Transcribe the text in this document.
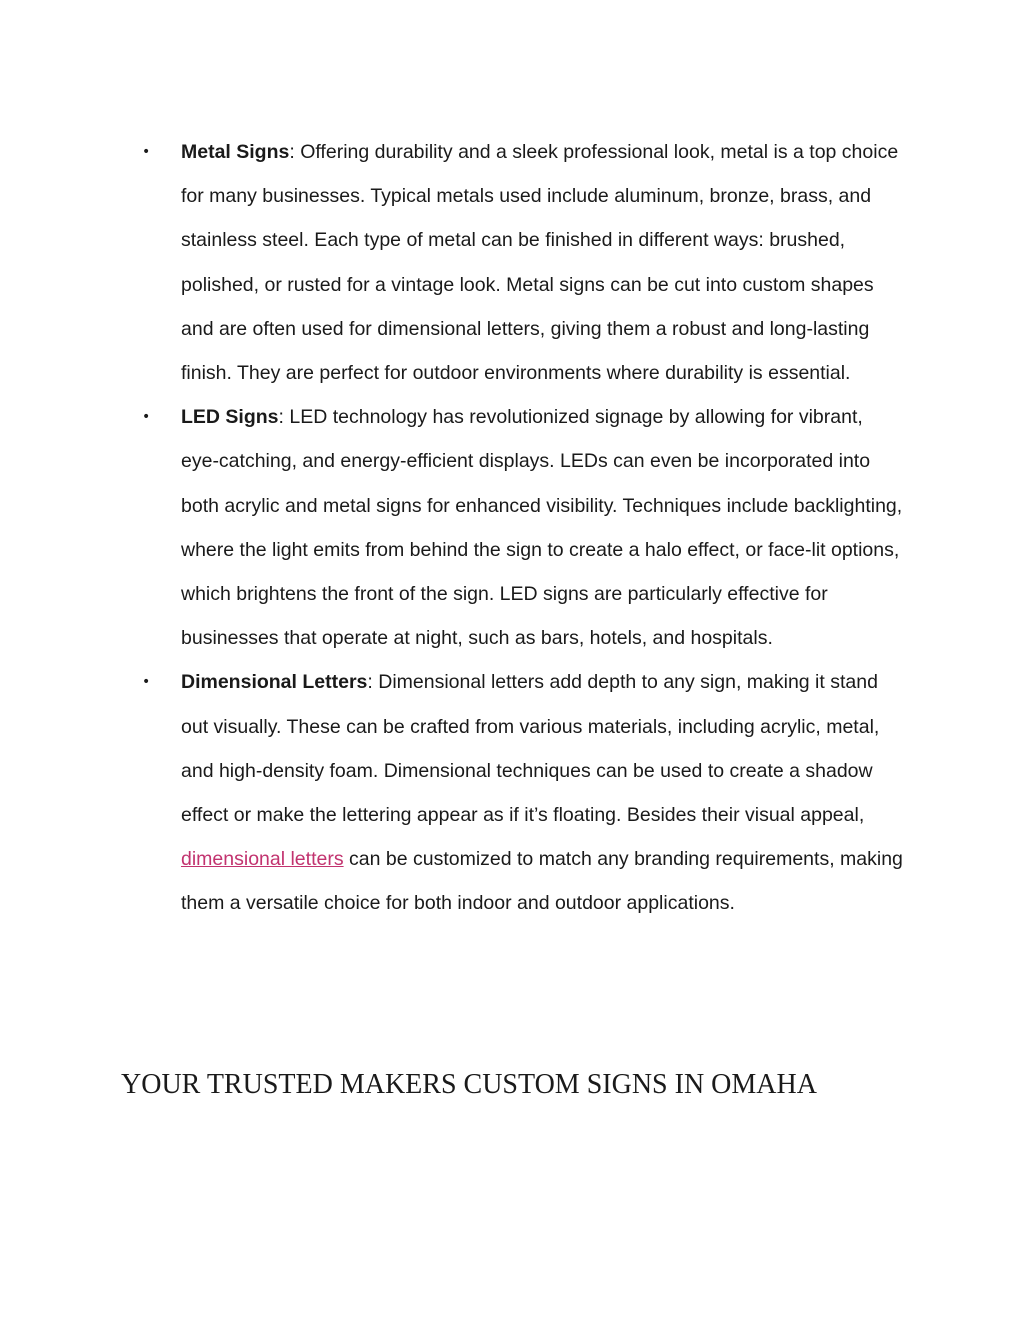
• Metal Signs: Offering durability and a sleek professional look, metal is a top choice for many businesses. Typical metals used include aluminum, bronze, brass, and stainless steel. Each type of metal can be finished in different ways: brushed, polished, or rusted for a vintage look. Metal signs can be cut into custom shapes and are often used for dimensional letters, giving them a robust and long-lasting finish. They are perfect for outdoor environments where durability is essential.
• LED Signs: LED technology has revolutionized signage by allowing for vibrant, eye-catching, and energy-efficient displays. LEDs can even be incorporated into both acrylic and metal signs for enhanced visibility. Techniques include backlighting, where the light emits from behind the sign to create a halo effect, or face-lit options, which brightens the front of the sign. LED signs are particularly effective for businesses that operate at night, such as bars, hotels, and hospitals.
• Dimensional Letters: Dimensional letters add depth to any sign, making it stand out visually. These can be crafted from various materials, including acrylic, metal, and high-density foam. Dimensional techniques can be used to create a shadow effect or make the lettering appear as if it’s floating. Besides their visual appeal, dimensional letters can be customized to match any branding requirements, making them a versatile choice for both indoor and outdoor applications.
YOUR TRUSTED MAKERS CUSTOM SIGNS IN OMAHA
